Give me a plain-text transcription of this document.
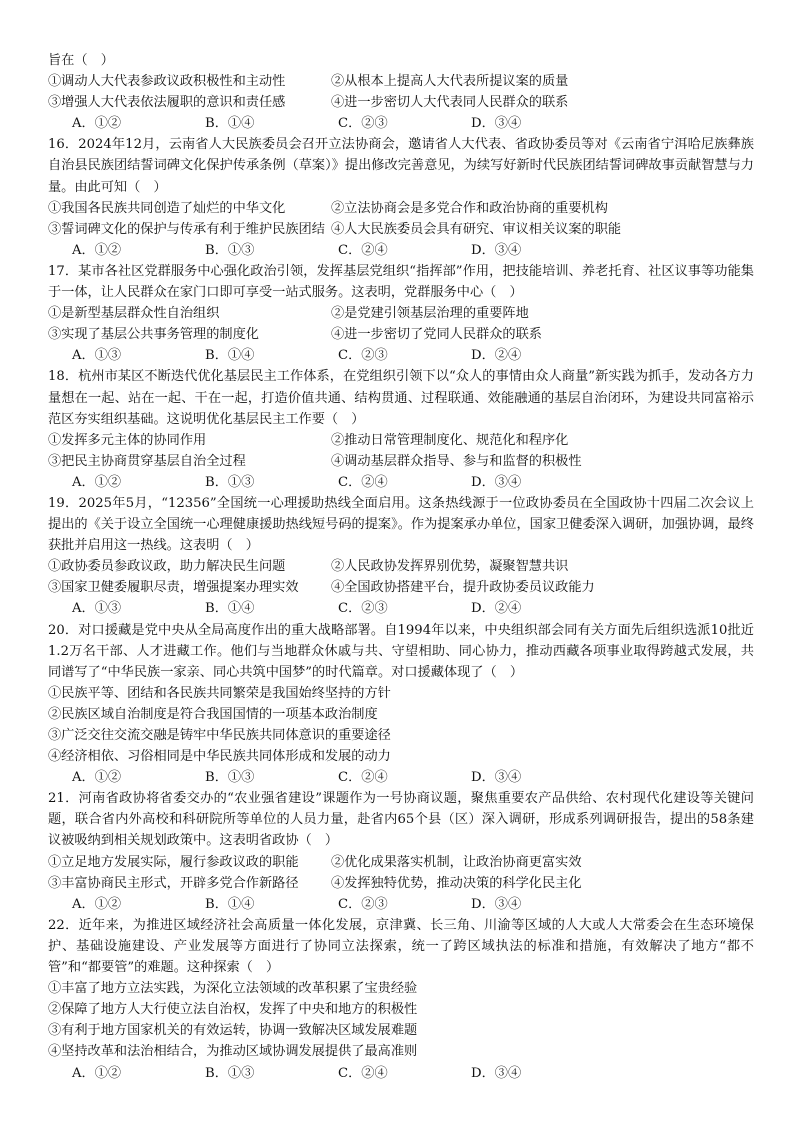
旨在（　）
①调动人大代表参政议政积极性和主动性	②从根本上提高人大代表所提议案的质量
③增强人大代表依法履职的意识和责任感	④进一步密切人大代表同人民群众的联系
A．①②	B．①④	C．②③	D．③④
16．2024年12月，云南省人大民族委员会召开立法协商会，邀请省人大代表、省政协委员等对《云南省宁洱哈尼族彝族自治县民族团结誓词碑文化保护传承条例（草案）》提出修改完善意见，为续写好新时代民族团结誓词碑故事贡献智慧与力量。由此可知（　）
①我国各民族共同创造了灿烂的中华文化	②立法协商会是多党合作和政治协商的重要机构
③誓词碑文化的保护与传承有利于维护民族团结 ④人大民族委员会具有研究、审议相关议案的职能
A．①②	B．①③	C．②④	D．③④
17．某市各社区党群服务中心强化政治引领，发挥基层党组织“指挥部”作用，把技能培训、养老托育、社区议事等功能集于一体，让人民群众在家门口即可享受一站式服务。这表明，党群服务中心（　）
①是新型基层群众性自治组织	②是党建引领基层治理的重要阵地
③实现了基层公共事务管理的制度化	④进一步密切了党同人民群众的联系
A．①③	B．①④	C．②③	D．②④
18．杭州市某区不断迭代优化基层民主工作体系，在党组织引领下以“众人的事情由众人商量”新实践为抓手，发动各方力量想在一起、站在一起、干在一起，打造价值共通、结构贯通、过程联通、效能融通的基层自治闭环，为建设共同富裕示范区夯实组织基础。这说明优化基层民主工作要（　）
①发挥多元主体的协同作用	②推动日常管理制度化、规范化和程序化
③把民主协商贯穿基层自治全过程	④调动基层群众指导、参与和监督的积极性
A．①②	B．①③	C．②④	D．③④
19．2025年5月，“12356”全国统一心理援助热线全面启用。这条热线源于一位政协委员在全国政协十四届二次会议上提出的《关于设立全国统一心理健康援助热线短号码的提案》。作为提案承办单位，国家卫健委深入调研，加强协调，最终获批并启用这一热线。这表明（　）
①政协委员参政议政，助力解决民生问题	②人民政协发挥界别优势，凝聚智慧共识
③国家卫健委履职尽责，增强提案办理实效	④全国政协搭建平台，提升政协委员议政能力
A．①③	B．①④	C．②③	D．②④
20．对口援藏是党中央从全局高度作出的重大战略部署。自1994年以来，中央组织部会同有关方面先后组织选派10批近1.2万名干部、人才进藏工作。他们与当地群众休戚与共、守望相助、同心协力，推动西藏各项事业取得跨越式发展，共同谱写了“中华民族一家亲、同心共筑中国梦”的时代篇章。对口援藏体现了（　）
①民族平等、团结和各民族共同繁荣是我国始终坚持的方针
②民族区域自治制度是符合我国国情的一项基本政治制度
③广泛交往交流交融是铸牢中华民族共同体意识的重要途径
④经济相依、习俗相同是中华民族共同体形成和发展的动力
A．①②	B．①③	C．②④	D．③④
21．河南省政协将省委交办的“农业强省建设”课题作为一号协商议题，聚焦重要农产品供给、农村现代化建设等关键问题，联合省内外高校和科研院所等单位的人员力量，赴省内65个县（区）深入调研，形成系列调研报告，提出的58条建议被吸纳到相关规划政策中。这表明省政协（　）
①立足地方发展实际，履行参政议政的职能	②优化成果落实机制，让政治协商更富实效
③丰富协商民主形式，开辟多党合作新路径	④发挥独特优势，推动决策的科学化民主化
A．①②	B．①④	C．②③	D．③④
22．近年来，为推进区域经济社会高质量一体化发展，京津冀、长三角、川渝等区域的人大或人大常委会在生态环境保护、基础设施建设、产业发展等方面进行了协同立法探索，统一了跨区域执法的标准和措施，有效解决了地方“都不管”和“都要管”的难题。这种探索（　）
①丰富了地方立法实践，为深化立法领域的改革积累了宝贵经验
②保障了地方人大行使立法自治权，发挥了中央和地方的积极性
③有利于地方国家机关的有效运转，协调一致解决区域发展难题
④坚持改革和法治相结合，为推动区域协调发展提供了最高准则
A．①②	B．①③	C．②④	D．③④
